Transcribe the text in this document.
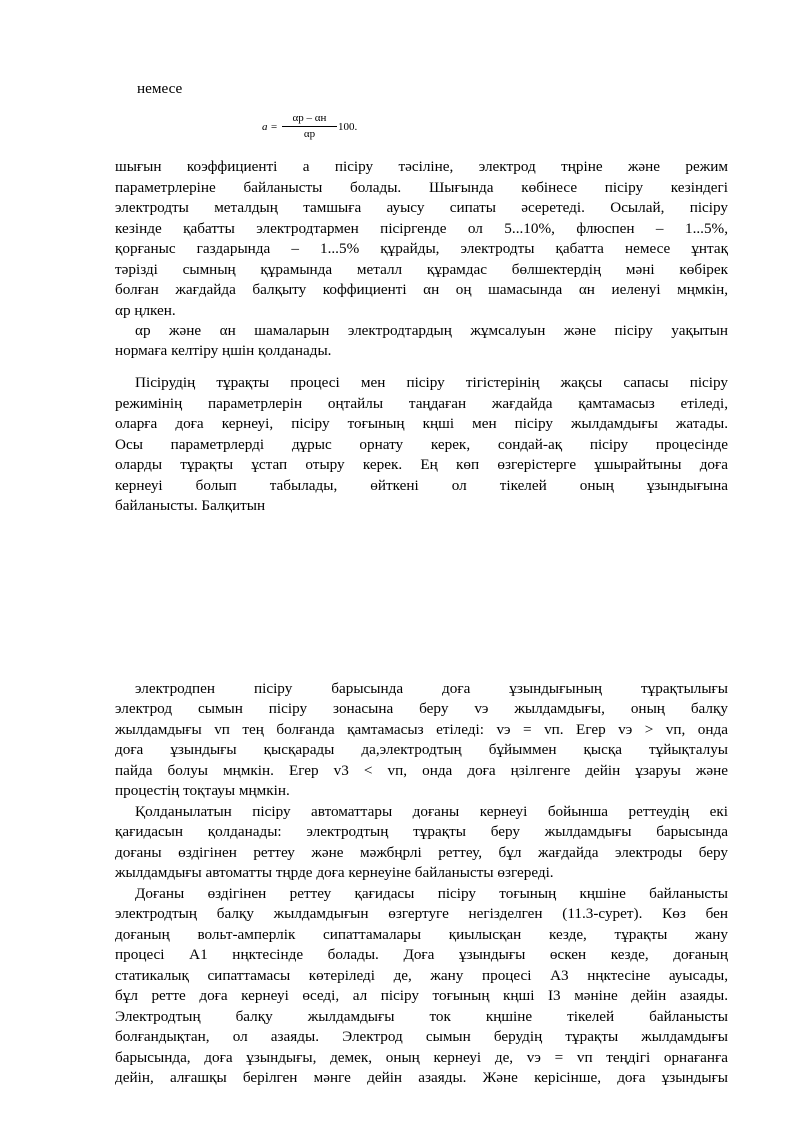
немесе
a =
αр – αн
αр
100.
шығын коэффициенті a пісіру тәсіліне, электрод тңріне және режим
параметрлеріне байланысты болады. Шығында көбінесе пісіру кезіндегі
электродты металдың тамшыға ауысу сипаты әсеретеді. Осылай, пісіру
кезінде қабатты электродтармен пісіргенде ол 5...10%, флюспен – 1...5%,
қорғаныс газдарында – 1...5% құрайды, электродты қабатта немесе ұнтақ
тәрізді сымның құрамында металл құрамдас бөлшектердің мәні көбірек
болған жағдайда балқыту коффициенті αн оң шамасында αн иеленуі мңмкін,
αр ңлкен.
αр және αн шамаларын электродтардың жұмсалуын және пісіру уақытын
нормаға келтіру ңшін қолданады.
Пісірудің тұрақты процесі мен пісіру тігістерінің жақсы сапасы пісіру
режимінің параметрлерін оңтайлы таңдаған жағдайда қамтамасыз етіледі,
оларға доға кернеуі, пісіру тоғының кңші мен пісіру жылдамдығы жатады.
Осы параметрлерді дұрыс орнату керек, сондай-ақ пісіру процесінде
оларды тұрақты ұстап отыру керек. Ең көп өзгерістерге ұшырайтыны доға
кернеуі болып табылады, өйткені ол тікелей оның ұзындығына
байланысты. Балқитын
электродпен пісіру барысында доға ұзындығының тұрақтылығы
электрод сымын пісіру зонасына беру vэ жылдамдығы, оның балқу
жылдамдығы vп тең болғанда қамтамасыз етіледі: vэ = vп. Егер vэ > vп, онда
доға ұзындығы қысқарады да,электродтың бұйыммен қысқа тұйықталуы
пайда болуы мңмкін. Егер v3 < vп, онда доға ңзілгенге дейін ұзаруы және
процестің тоқтауы мңмкін.
Қолданылатын пісіру автоматтары доғаны кернеуі бойынша реттеудің екі
қағидасын қолданады: электродтың тұрақты беру жылдамдығы барысында
доғаны өздігінен реттеу және мәжбңрлі реттеу, бұл жағдайда электроды беру
жылдамдығы автоматты тңрде доға кернеуіне байланысты өзгереді.
Доғаны өздігінен реттеу қағидасы пісіру тоғының кңшіне байланысты
электродтың балқу жылдамдығын өзгертуге негізделген (11.3-сурет). Көз бен
доғаның вольт-амперлік сипаттамалары қиылысқан кезде, тұрақты жану
процесі A1 нңктесінде болады. Доға ұзындығы өскен кезде, доғаның
статикалық сипаттамасы көтеріледі де, жану процесі A3 нңктесіне ауысады,
бұл ретте доға кернеуі өседі, ал пісіру тоғының кңші I3 мәніне дейін азаяды.
Электродтың балқу жылдамдығы ток кңшіне тікелей байланысты
болғандықтан, ол азаяды. Электрод сымын берудің тұрақты жылдамдығы
барысында, доға ұзындығы, демек, оның кернеуі де, vэ = vп теңдігі орнағанға
дейін, алғашқы берілген мәнге дейін азаяды. Және керісінше, доға ұзындығы
